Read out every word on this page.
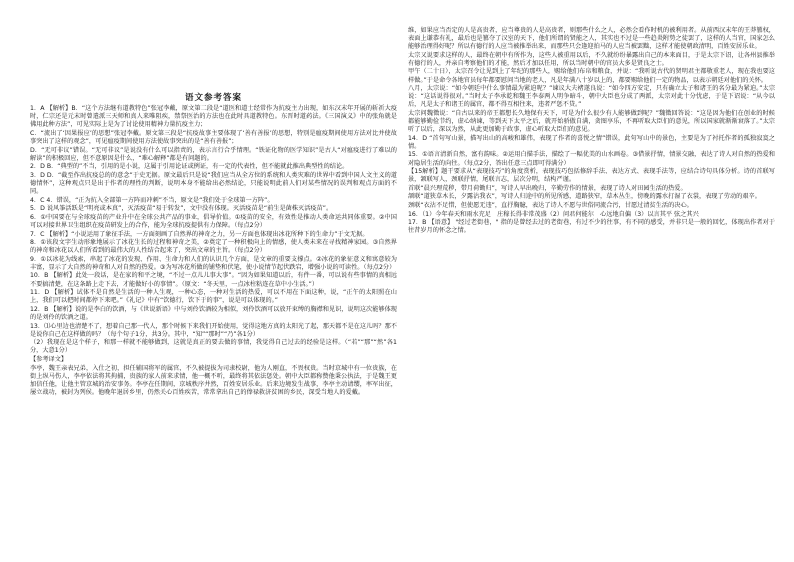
语文参考答案

1．A 【解析】B．“这个方法继有道教特色”张冠李戴，原文第二段是“道医和道士经常作为抗疫主力出现，如东汉末年开展的斩祈大疫时，仁宗还是元末时曾遣派三天师和真人来唯阻疾，禁祭医治的方法也在此时具道教特色。东晋时道药法。《三国演义》中的张角就是佛用此种方法”，可见实际上是为了讨论使用精神力量抗疫主力；

C．“流出了‘因果报应’的思想”张冠李戴。原文第三段是“抗疫故事主要体现了‘善有善报’的思想，特别是瘟疫期间使用方法对比并使故事突出了这样的观念”，可见瘟疫期间使用方法使故事突出的是“善有善报”；

D．“无可非议”错误。“无可非议”是说没有什么可以指责的，表示言行合乎情理。“铁证化物的医学知识”是古人“对瘟疫进行了难以的解读”的积极回应，但不意原因是什么，“难心解释”都是有问题的。

2．D B．“典型的”不当，引用的是小说，这属于引用论证或例证，有一定的代表性，但不能就此推出典型性的结论。

3．D D．“截至作出抗疫总的的意念”于史无据。原文最后只是说“我们应当从全方位的系统和人类灾难的世界中看到中国人文主义的道德情怀”，这种观点只是出于作者的理性的判断，说明本身不能给出必然结论，只能说明此前人们对某些情况的误判和观点方面的不同。

4．C 4．错误，“正为抗入全部第一方阵而冲刺”不当，原文是“我们处于全球第一方阵”。

5．D 说风筝活跃是“明亮或本真”，灭活疫苗“易于转发”，文中没有体现。灭活疫苗是“前生是菌株灭活疫苗”。

6．①中国要在与全球疫苗的产业升中在全球公共产品的事业，倡导价值。①疫苗的安全，有效性是推动人类命运共同体重要。②中国可以对接世界卫生组织在疫苗研发上的合作，能为全球抗疫提供有力保障。（每点2分）

7．C 【解析】“小说运用了象征手法，一方面刻画了自然界的神奇之力，另一方面也体现出冰花所种下的生命力”于文无据。

8．①该段文字生动形象地展示了冰花生长的过程和神奇之美，②奠定了一种积极向上的情感，使人类未来在寻找精神家园。③自然界的神奇和冰花以人们所看到的最伟大的人性结合起来了，突出文章的主旨。（每点2分）

9．①以冰花为线索，串起了冰花的发现、作用、生命力和人们的认识几个方面，是文章的重要支撑点。②冰花的象征意义和寓意较为丰富，显示了大自然的神奇和人对自然的热爱。③为写冰花所做的铺垫和伏笔，使小说情节起伏跌宕，增强小说的可读性。（每点2分）

10．B 【解析】此处一段话，是在家的和平之境，“不过一点儿儿事大事”。“因为如果知道以后，有件一番，可以说有些事情的真相远不要搞清楚，在这条路上走下去，才能做好小的事情”。（原文：“冬天里，一点冰柱粘连在草中小生活。”）

11．D 【解析】试体不是自然是生活的一种人生观，一种心态，一种对生活的热爱，可以不用在下面这种，说，“正午的太阳照在山上，我们可以把时间都停下来吧。”《礼记》中有“饮德行，饮下于的事”，说是可以体现的。”

12．B 【解析】说的是李白的饮酒，与《世说新语》中与刘伶饮酒较为相似，刘伶饮酒可以放开束缚的胸襟和见识，说明这次能够体现的是刘伶的饮酒之道。

13．⑴心里边也清楚不了，想着自己那一代人，那个时候下来我们开始使用，觉得这地方真的太阳光了起，那天都不是在这儿吗？那不是说你自己在这样做的吗？（每个句子1分，共3分。其中，“知”“那时”“乃”各1分）

（2）我现在是这个样子，和那一样就不能够做到，这就是真正的要去做的事情，我觉得自己过去的经验是这样。（“若”“那”“然”各1分，大意1分）

【参考译文】

李亭，魏王亲表兄弟，入仕之初，担任辅国将军的属官，不久被提拔为司隶校尉，他为人刚直，不畏权贵。当时京城中有一位贵族，在街上纵马伤人，李亭依法将其拘捕，贵族的家人前来求情，他一概不听，最终将其依法惩处。朝中大臣都称赞他秉公执法，于是魏王更加信任他，让他主管京城的治安事务。李亭在任期间，京城秩序井然，百姓安居乐业。后来边境发生战事，李亭主动请缨，率军出征，屡立战功，被封为列侯。他晚年退居乡里，仍然关心百姓疾苦，常常拿出自己的俸禄救济贫困的乡民，深受当地人的爱戴。

维，如果应当否定的人是高贵者，应当尊贵的人是高贵者，则那些什么之人，必然会看作时机的被利用者。从前西汉末年的王莽篡权，表面上谦恭有礼，最后也是篡夺了汉室的天下，他们所谓的贤能之人，其实也不过是一些趋炎附势之徒罢了，这样的人当官，国家怎么能够治理得好呢？所以有德行的人应当被推举出来，而那些只会逢迎拍马的人应当被罢黜，这样才能使朝政清明，百姓安居乐业。

太宗又说要求这样的人，最终在朝中有所作为，这些人被重用以后，不久就纷纷暴露出自己的本来面目，于是太宗下诏，让各州县推举有德行的人，并亲自考察他们的才能，然后才加以任用，所以当时朝中的官员大多是贤良之士。

甲午（二十日），太宗召令让见到上了年纪的那些人，赐给他们布帛和粮食，并说：“我听说古代的贤明君主都敬重老人，现在我也要这样做。”于是命令各地官员每年都要慰问当地的老人，凡是年满八十岁以上的，都要赐给他们一定的物品，以表示朝廷对他们的关怀。

八月，太宗说：“如今朝廷中什么事情最为紧迫呢？”谏议大夫褚遂良说：“如今四方安定，只有确立太子和诸王的名分最为紧迫。”太宗说：“这话说得很对。”当时太子李承乾和魏王李泰两人明争暗斗，朝中大臣也分成了两派，太宗对此十分忧虑，于是下诏说：“从今以后，凡是太子和诸王的属官，都不得互相往来，违者严惩不贷。”

太宗问魏徵说：“自古以来的帝王都想长久地保有天下，可是为什么很少有人能够做到呢？”魏徵回答说：“这是因为他们在创业的时候都能够勤俭节约，虚心纳谏，等到天下太平之后，就开始骄傲自满，贪图享乐，不再听取大臣们的意见，所以国家就渐渐衰落了。”太宗听了以后，深以为然，从此更加勤于政事，虚心听取大臣们的意见。

14．D “首句写山景，描写出山的高峻和雄伟，表现了作者的喜悦之情”错误，此句写山中的景色，主要是为了衬托作者的孤独寂寞之情。

15．①语言清新自然，富有韵味。②运用白描手法，描绘了一幅优美的山水画卷。③借景抒情，情景交融，表达了诗人对自然的热爱和对隐居生活的向往。（每点2分，答出任意三点即可得满分）

【15解析】题干要求从“表现技巧”的角度赏析，表现技巧包括修辞手法、表达方式、表现手法等，应结合诗句具体分析。诗的首联写景，颔联写人，颈联抒情，尾联言志，层次分明，结构严谨。

首联“晨兴理荒秽，带月荷锄归”，写诗人早出晚归，辛勤劳作的情景，表现了诗人对田园生活的热爱。

颔联“道狭草木长，夕露沾我衣”，写诗人归途中的所见所感，道路狭窄，草木丛生，傍晚的露水打湿了衣裳，表现了劳动的艰辛。

颈联“衣沾不足惜，但使愿无违”，直抒胸臆，表达了诗人不愿与世俗同流合污，甘愿过清贫生活的决心。

16．（1）今年春天和雨水充足　庄稼长得非常茂盛（2）问君何能尔　心远地自偏（3）以言其平 弦之其兴

17．B 【语意】 "经过老街巷，" 指的是曾经去过的老街巷，有过不少的往事，有不同的感受，并非只是一般的回忆，体现出作者对于往昔岁月的怀念之情。
